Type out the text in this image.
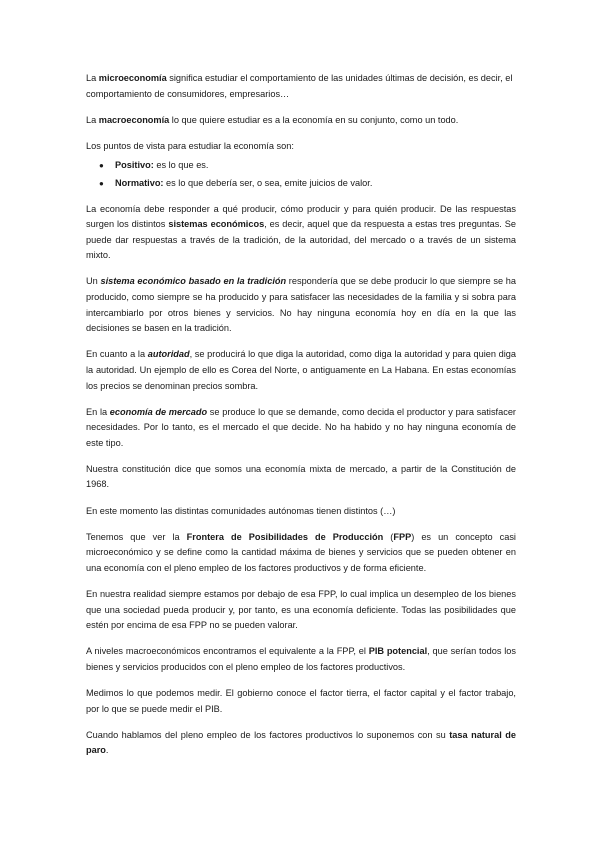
La microeconomía significa estudiar el comportamiento de las unidades últimas de decisión, es decir, el comportamiento de consumidores, empresarios…

La macroeconomía lo que quiere estudiar es a la economía en su conjunto, como un todo.

Los puntos de vista para estudiar la economía son:

● Positivo: es lo que es.
● Normativo: es lo que debería ser, o sea, emite juicios de valor.

La economía debe responder a qué producir, cómo producir y para quién producir. De las respuestas surgen los distintos sistemas económicos, es decir, aquel que da respuesta a estas tres preguntas. Se puede dar respuestas a través de la tradición, de la autoridad, del mercado o a través de un sistema mixto.

Un sistema económico basado en la tradición respondería que se debe producir lo que siempre se ha producido, como siempre se ha producido y para satisfacer las necesidades de la familia y si sobra para intercambiarlo por otros bienes y servicios. No hay ninguna economía hoy en día en la que las decisiones se basen en la tradición.

En cuanto a la autoridad, se producirá lo que diga la autoridad, como diga la autoridad y para quien diga la autoridad. Un ejemplo de ello es Corea del Norte, o antiguamente en La Habana. En estas economías los precios se denominan precios sombra.

En la economía de mercado se produce lo que se demande, como decida el productor y para satisfacer necesidades. Por lo tanto, es el mercado el que decide. No ha habido y no hay ninguna economía de este tipo.

Nuestra constitución dice que somos una economía mixta de mercado, a partir de la Constitución de 1968.

En este momento las distintas comunidades autónomas tienen distintos (…)

Tenemos que ver la Frontera de Posibilidades de Producción (FPP) es un concepto casi microeconómico y se define como la cantidad máxima de bienes y servicios que se pueden obtener en una economía con el pleno empleo de los factores productivos y de forma eficiente.

En nuestra realidad siempre estamos por debajo de esa FPP, lo cual implica un desempleo de los bienes que una sociedad pueda producir y, por tanto, es una economía deficiente. Todas las posibilidades que estén por encima de esa FPP no se pueden valorar.

A niveles macroeconómicos encontramos el equivalente a la FPP, el PIB potencial, que serían todos los bienes y servicios producidos con el pleno empleo de los factores productivos.

Medimos lo que podemos medir. El gobierno conoce el factor tierra, el factor capital y el factor trabajo, por lo que se puede medir el PIB.

Cuando hablamos del pleno empleo de los factores productivos lo suponemos con su tasa natural de paro.
